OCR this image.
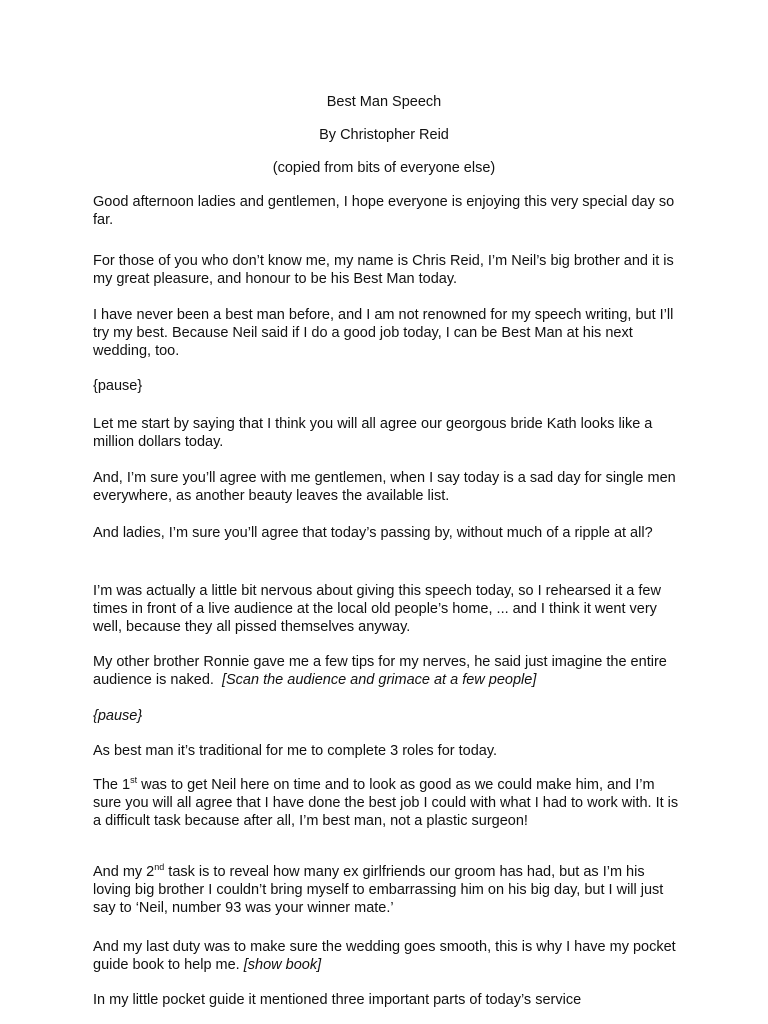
Best Man Speech
By Christopher Reid
(copied from bits of everyone else)

Good afternoon ladies and gentlemen, I hope everyone is enjoying this very special day so far.

For those of you who don’t know me, my name is Chris Reid, I’m Neil’s big brother and it is my great pleasure, and honour to be his Best Man today.

I have never been a best man before, and I am not renowned for my speech writing, but I’ll try my best. Because Neil said if I do a good job today, I can be Best Man at his next wedding, too.

{pause}

Let me start by saying that I think you will all agree our georgous bride Kath looks like a million dollars today.

And, I’m sure you’ll agree with me gentlemen, when I say today is a sad day for single men everywhere, as another beauty leaves the available list.

And ladies, I’m sure you’ll agree that today’s passing by, without much of a ripple at all?

I’m was actually a little bit nervous about giving this speech today, so I rehearsed it a few times in front of a live audience at the local old people’s home, ... and I think it went very well, because they all pissed themselves anyway.

My other brother Ronnie gave me a few tips for my nerves, he said just imagine the entire audience is naked. [Scan the audience and grimace at a few people]

{pause}

As best man it’s traditional for me to complete 3 roles for today.

The 1st was to get Neil here on time and to look as good as we could make him, and I’m sure you will all agree that I have done the best job I could with what I had to work with. It is a difficult task because after all, I’m best man, not a plastic surgeon!

And my 2nd task is to reveal how many ex girlfriends our groom has had, but as I’m his loving big brother I couldn’t bring myself to embarrassing him on his big day, but I will just say to ‘Neil, number 93 was your winner mate.’

And my last duty was to make sure the wedding goes smooth, this is why I have my pocket guide book to help me. [show book]

In my little pocket guide it mentioned three important parts of today’s service
